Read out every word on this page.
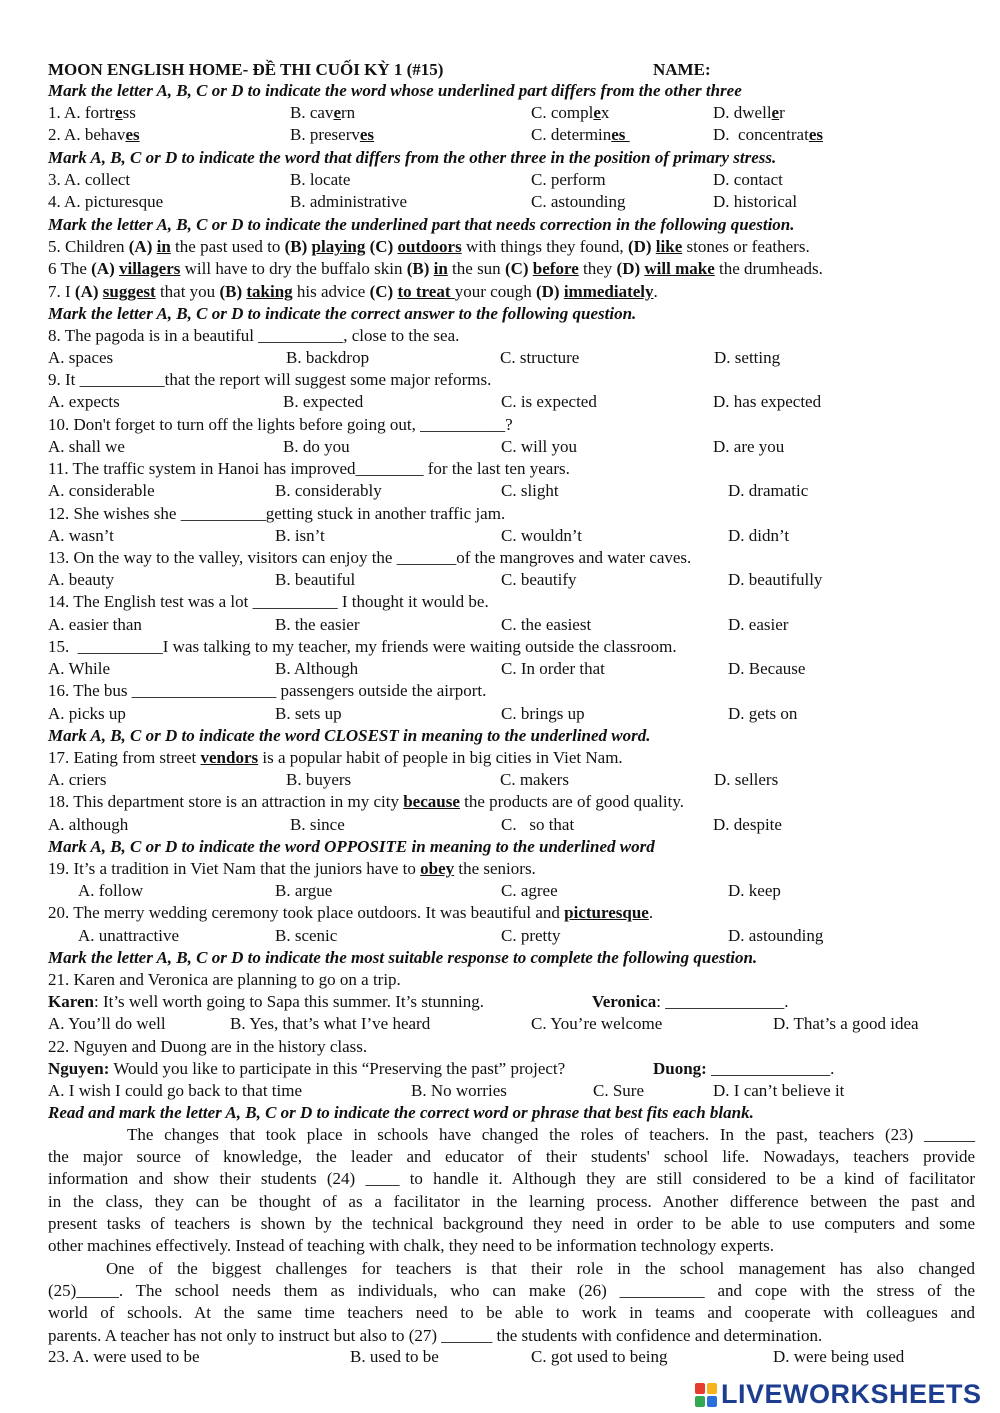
MOON ENGLISH HOME- ĐỀ THI CUỐI KỲ 1 (#15)	NAME:
Mark the letter A, B, C or D to indicate the word whose underlined part differs from the other three
1. A. fortress	B. cavern	C. complex	D. dweller
2. A. behaves	B. preserves	C. determines	D.  concentrates
Mark A, B, C or D to indicate the word that differs from the other three in the position of primary stress.
3. A. collect	B. locate	C. perform	D. contact
4. A. picturesque	B. administrative	C. astounding	D. historical
Mark the letter A, B, C or D to indicate the underlined part that needs correction in the following question.
5. Children (A) in the past used to (B) playing (C) outdoors with things they found, (D) like stones or feathers.
6 The (A) villagers will have to dry the buffalo skin (B) in the sun (C) before they (D) will make the drumheads.
7. I (A) suggest that you (B) taking his advice (C) to treat your cough (D) immediately.
Mark the letter A, B, C or D to indicate the correct answer to the following question.
8. The pagoda is in a beautiful __________, close to the sea.
A. spaces	B. backdrop	C. structure	D. setting
9. It __________that the report will suggest some major reforms.
A. expects	B. expected	C. is expected	D. has expected
10. Don't forget to turn off the lights before going out, __________?
A. shall we	B. do you	C. will you	D. are you
11. The traffic system in Hanoi has improved________ for the last ten years.
A. considerable	B. considerably	C. slight	D. dramatic
12. She wishes she __________getting stuck in another traffic jam.
A. wasn’t	B. isn’t	C. wouldn’t	D. didn’t
13. On the way to the valley, visitors can enjoy the _______of the mangroves and water caves.
A. beauty	B. beautiful	C. beautify	D. beautifully
14. The English test was a lot __________ I thought it would be.
A. easier than	B. the easier	C. the easiest	D. easier
15.  __________I was talking to my teacher, my friends were waiting outside the classroom.
A. While	B. Although	C. In order that	D. Because
16. The bus _________________ passengers outside the airport.
A. picks up	B. sets up	C. brings up	D. gets on
Mark A, B, C or D to indicate the word CLOSEST in meaning to the underlined word.
17. Eating from street vendors is a popular habit of people in big cities in Viet Nam.
A. criers	B. buyers	C. makers	D. sellers
18. This department store is an attraction in my city because the products are of good quality.
A. although	B. since	C.   so that	D. despite
Mark A, B, C or D to indicate the word OPPOSITE in meaning to the underlined word
19. It’s a tradition in Viet Nam that the juniors have to obey the seniors.
A. follow	B. argue	C. agree	D. keep
20. The merry wedding ceremony took place outdoors. It was beautiful and picturesque.
A. unattractive	B. scenic	C. pretty	D. astounding
Mark the letter A, B, C or D to indicate the most suitable response to complete the following question.
21. Karen and Veronica are planning to go on a trip.
Karen: It’s well worth going to Sapa this summer. It’s stunning.	Veronica: ______________.
A. You’ll do well	B. Yes, that’s what I’ve heard	C. You’re welcome	D. That’s a good idea
22. Nguyen and Duong are in the history class.
Nguyen: Would you like to participate in this “Preserving the past” project?	Duong: ______________.
A. I wish I could go back to that time	B. No worries	C. Sure	D. I can’t believe it
Read and mark the letter A, B, C or D to indicate the correct word or phrase that best fits each blank.
The changes that took place in schools have changed the roles of teachers. In the past, teachers (23) ______
the major source of knowledge, the leader and educator of their students' school life. Nowadays, teachers provide
information and show their students (24) ____ to handle it. Although they are still considered to be a kind of facilitator
in the class, they can be thought of as a facilitator in the learning process. Another difference between the past and
present tasks of teachers is shown by the technical background they need in order to be able to use computers and some
other machines effectively. Instead of teaching with chalk, they need to be information technology experts.
One of the biggest challenges for teachers is that their role in the school management has also changed
(25)_____. The school needs them as individuals, who can make (26) __________ and cope with the stress of the
world of schools. At the same time teachers need to be able to work in teams and cooperate with colleagues and
parents. A teacher has not only to instruct but also to (27) ______ the students with confidence and determination.
23. A. were used to be	B. used to be	C. got used to being	D. were being used
LIVEWORKSHEETS
